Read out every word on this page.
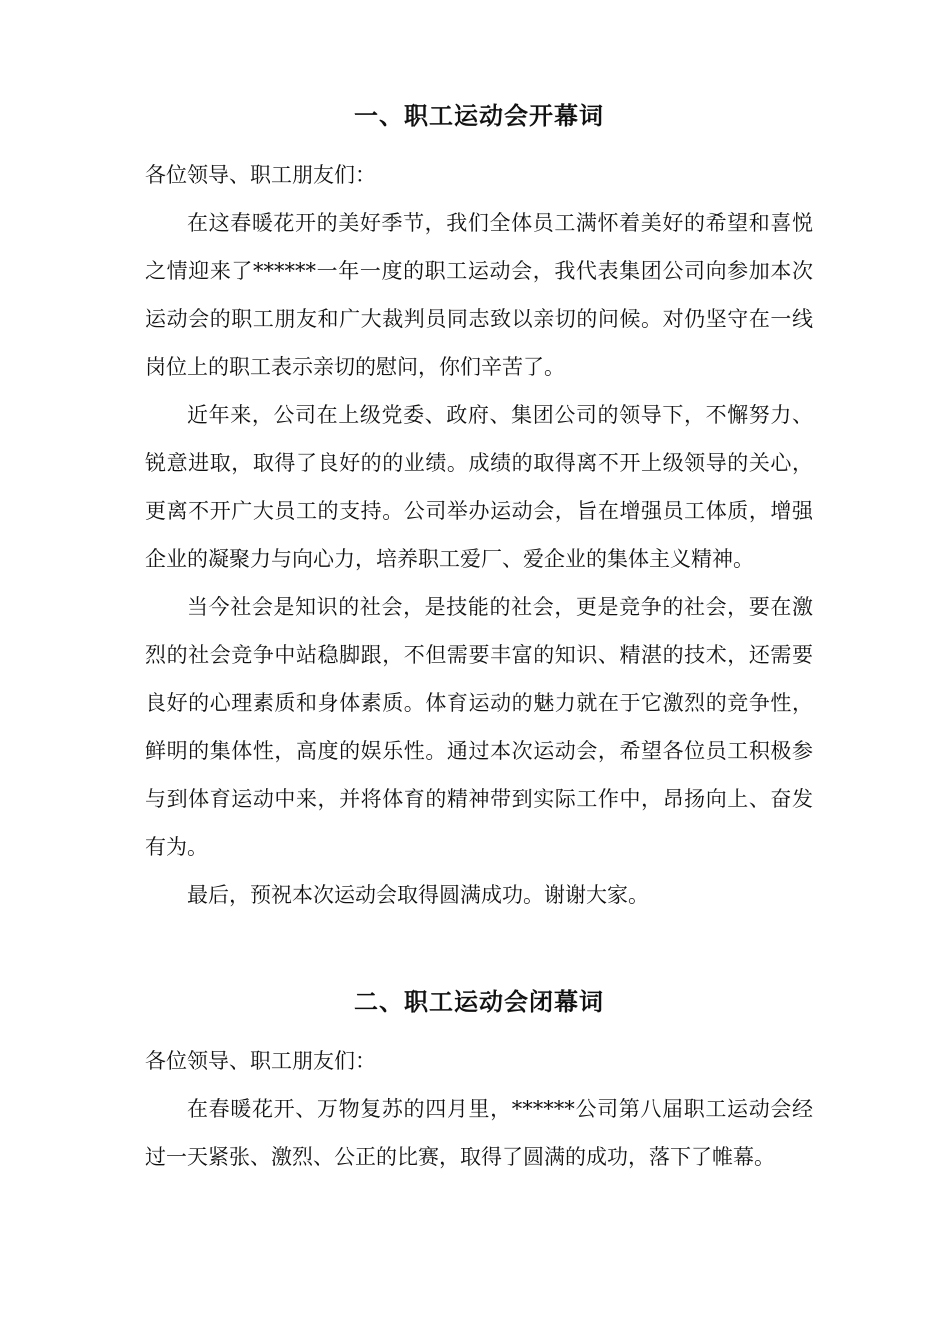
一、职工运动会开幕词

各位领导、职工朋友们：

在这春暖花开的美好季节，我们全体员工满怀着美好的希望和喜悦之情迎来了******一年一度的职工运动会，我代表集团公司向参加本次运动会的职工朋友和广大裁判员同志致以亲切的问候。对仍坚守在一线岗位上的职工表示亲切的慰问，你们辛苦了。

近年来，公司在上级党委、政府、集团公司的领导下，不懈努力、锐意进取，取得了良好的的业绩。成绩的取得离不开上级领导的关心，更离不开广大员工的支持。公司举办运动会，旨在增强员工体质，增强企业的凝聚力与向心力，培养职工爱厂、爱企业的集体主义精神。

当今社会是知识的社会，是技能的社会，更是竞争的社会，要在激烈的社会竞争中站稳脚跟，不但需要丰富的知识、精湛的技术，还需要良好的心理素质和身体素质。体育运动的魅力就在于它激烈的竞争性，鲜明的集体性，高度的娱乐性。通过本次运动会，希望各位员工积极参与到体育运动中来，并将体育的精神带到实际工作中，昂扬向上、奋发有为。

最后，预祝本次运动会取得圆满成功。谢谢大家。

二、职工运动会闭幕词

各位领导、职工朋友们：

在春暖花开、万物复苏的四月里，******公司第八届职工运动会经过一天紧张、激烈、公正的比赛，取得了圆满的成功，落下了帷幕。
